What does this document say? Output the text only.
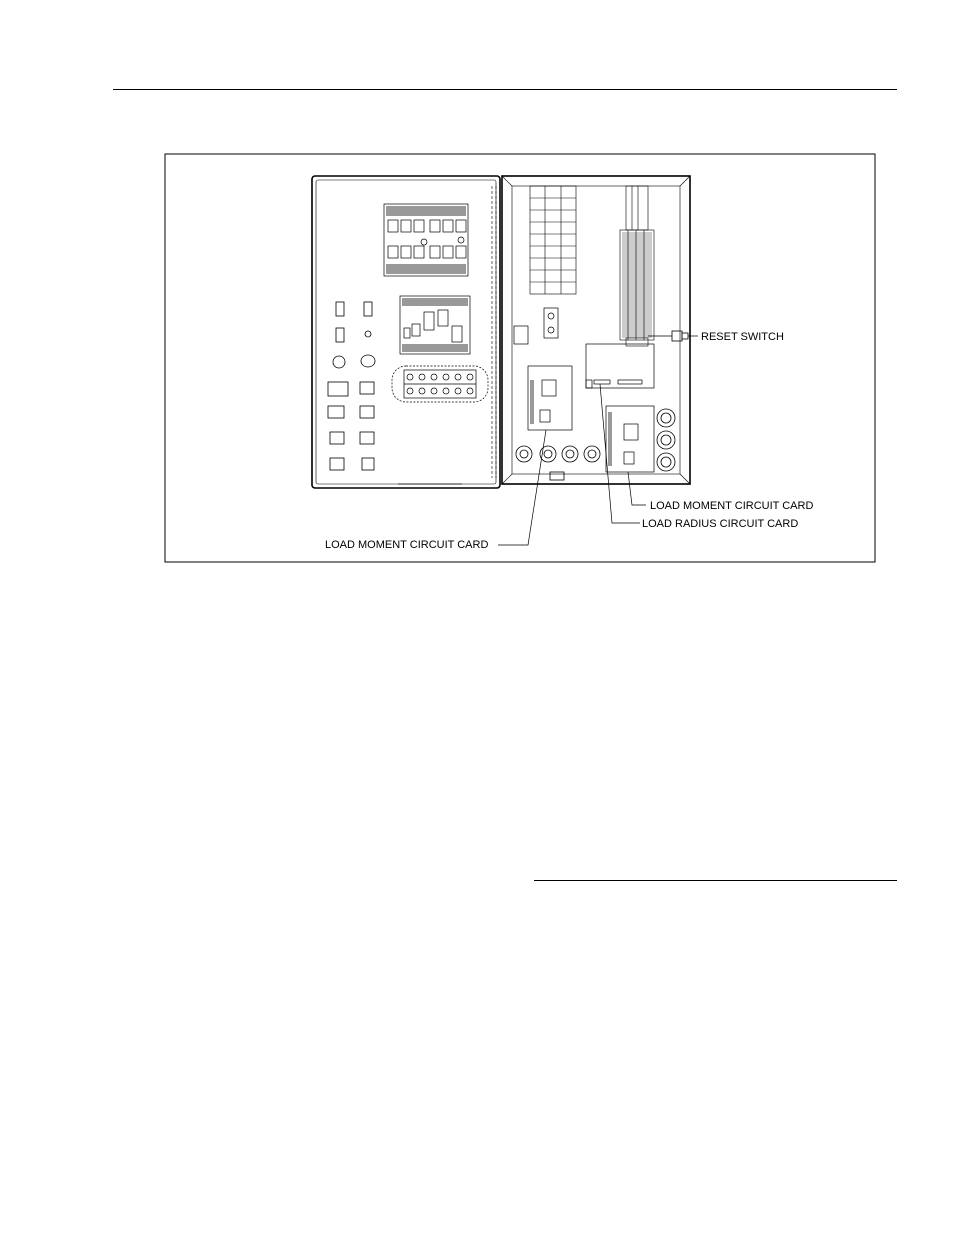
RESET SWITCH
LOAD MOMENT CIRCUIT CARD
LOAD RADIUS CIRCUIT CARD
LOAD MOMENT CIRCUIT CARD
